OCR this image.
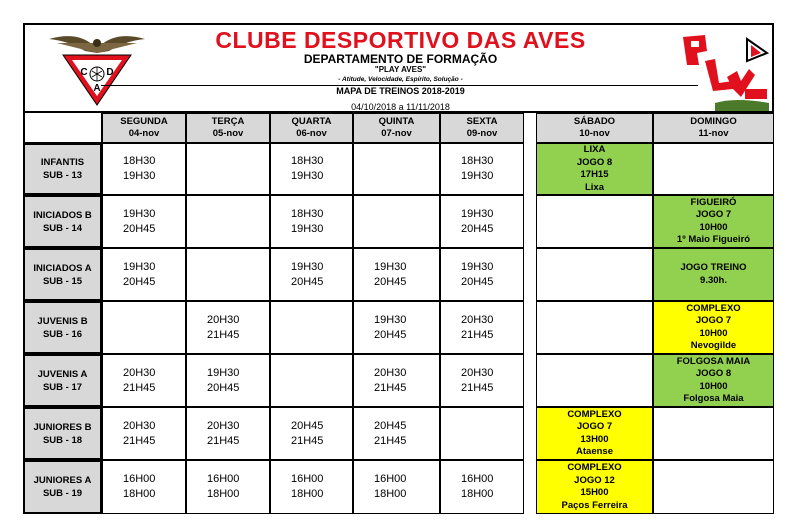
C D
A
CLUBE DESPORTIVO DAS AVES
DEPARTAMENTO DE FORMAÇÃO
"PLAY AVES"
- Atitude, Velocidade, Espírito, Solução -
MAPA DE TREINOS 2018-2019
04/10/2018 a 11/11/2018
SEGUNDA
04-nov
TERÇA
05-nov
QUARTA
06-nov
QUINTA
07-nov
SEXTA
09-nov
SÁBADO
10-nov
DOMINGO
11-nov
INFANTIS
SUB - 13
18H30
19H30
18H30
19H30
18H30
19H30
LIXA
JOGO 8
17H15
Lixa
INICIADOS B
SUB - 14
19H30
20H45
18H30
19H30
19H30
20H45
FIGUEIRÓ
JOGO 7
10H00
1º Maio Figueiró
INICIADOS A
SUB - 15
19H30
20H45
19H30
20H45
19H30
20H45
19H30
20H45
JOGO TREINO
9.30h.
JUVENIS B
SUB - 16
20H30
21H45
19H30
20H45
20H30
21H45
COMPLEXO
JOGO 7
10H00
Nevogilde
JUVENIS A
SUB - 17
20H30
21H45
19H30
20H45
20H30
21H45
20H30
21H45
FOLGOSA MAIA
JOGO 8
10H00
Folgosa Maia
JUNIORES B
SUB - 18
20H30
21H45
20H30
21H45
20H45
21H45
20H45
21H45
COMPLEXO
JOGO 7
13H00
Ataense
JUNIORES A
SUB - 19
16H00
18H00
16H00
18H00
16H00
18H00
16H00
18H00
16H00
18H00
COMPLEXO
JOGO 12
15H00
Paços Ferreira
